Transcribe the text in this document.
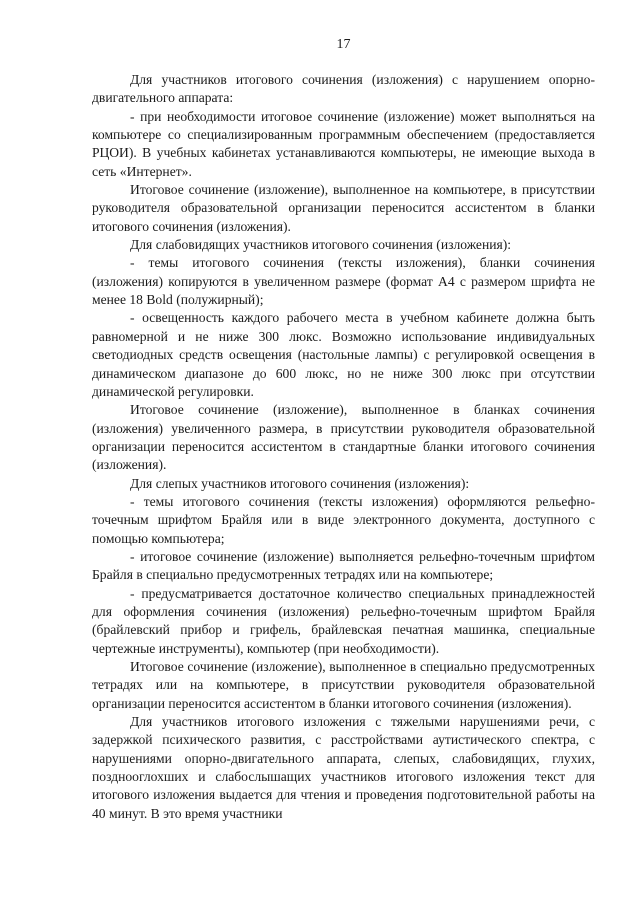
17

Для участников итогового сочинения (изложения) с нарушением опорно-двигательного аппарата:

- при необходимости итоговое сочинение (изложение) может выполняться на компьютере со специализированным программным обеспечением (предоставляется РЦОИ). В учебных кабинетах устанавливаются компьютеры, не имеющие выхода в сеть «Интернет».

Итоговое сочинение (изложение), выполненное на компьютере, в присутствии руководителя образовательной организации переносится ассистентом в бланки итогового сочинения (изложения).

Для слабовидящих участников итогового сочинения (изложения):

- темы итогового сочинения (тексты изложения), бланки сочинения (изложения) копируются в увеличенном размере (формат А4 с размером шрифта не менее 18 Bold (полужирный);

- освещенность каждого рабочего места в учебном кабинете должна быть равномерной и не ниже 300 люкс. Возможно использование индивидуальных светодиодных средств освещения (настольные лампы) с регулировкой освещения в динамическом диапазоне до 600 люкс, но не ниже 300 люкс при отсутствии динамической регулировки.

Итоговое сочинение (изложение), выполненное в бланках сочинения (изложения) увеличенного размера, в присутствии руководителя образовательной организации переносится ассистентом в стандартные бланки итогового сочинения (изложения).

Для слепых участников итогового сочинения (изложения):

- темы итогового сочинения (тексты изложения) оформляются рельефно-точечным шрифтом Брайля или в виде электронного документа, доступного с помощью компьютера;

- итоговое сочинение (изложение) выполняется рельефно-точечным шрифтом Брайля в специально предусмотренных тетрадях или на компьютере;

- предусматривается достаточное количество специальных принадлежностей для оформления сочинения (изложения) рельефно-точечным шрифтом Брайля (брайлевский прибор и грифель, брайлевская печатная машинка, специальные чертежные инструменты), компьютер (при необходимости).

Итоговое сочинение (изложение), выполненное в специально предусмотренных тетрадях или на компьютере, в присутствии руководителя образовательной организации переносится ассистентом в бланки итогового сочинения (изложения).

Для участников итогового изложения с тяжелыми нарушениями речи, с задержкой психического развития, с расстройствами аутистического спектра, с нарушениями опорно-двигательного аппарата, слепых, слабовидящих, глухих, позднооглохших и слабослышащих участников итогового изложения текст для итогового изложения выдается для чтения и проведения подготовительной работы на 40 минут. В это время участники
